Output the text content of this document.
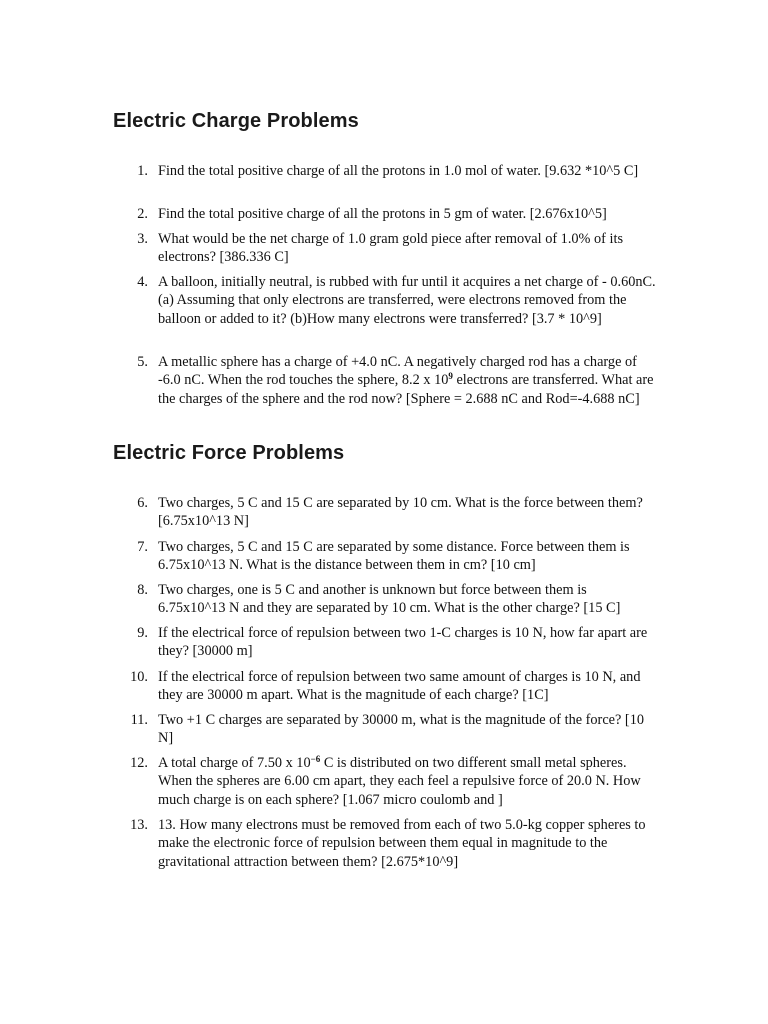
Electric Charge Problems
1. Find the total positive charge of all the protons in 1.0 mol of water. [9.632 *10^5 C]
2. Find the total positive charge of all the protons in 5 gm of water. [2.676x10^5]
3. What would be the net charge of 1.0 gram gold piece after removal of 1.0% of its electrons? [386.336 C]
4. A balloon, initially neutral, is rubbed with fur until it acquires a net charge of - 0.60nC. (a) Assuming that only electrons are transferred, were electrons removed from the balloon or added to it? (b)How many electrons were transferred? [3.7 * 10^9]
5. A metallic sphere has a charge of +4.0 nC. A negatively charged rod has a charge of -6.0 nC. When the rod touches the sphere, 8.2 x $10^9$ electrons are transferred. What are the charges of the sphere and the rod now? [Sphere = 2.688 nC and Rod=-4.688 nC]
Electric Force Problems
6. Two charges, 5 C and 15 C are separated by 10 cm. What is the force between them? [6.75x10^13 N]
7. Two charges, 5 C and 15 C are separated by some distance. Force between them is 6.75x10^13 N. What is the distance between them in cm? [10 cm]
8. Two charges, one is 5 C and another is unknown but force between them is 6.75x10^13 N and they are separated by 10 cm. What is the other charge? [15 C]
9. If the electrical force of repulsion between two 1-C charges is 10 N, how far apart are they? [30000 m]
10. If the electrical force of repulsion between two same amount of charges is 10 N, and they are 30000 m apart. What is the magnitude of each charge? [1C]
11. Two +1 C charges are separated by 30000 m, what is the magnitude of the force? [10 N]
12. A total charge of 7.50 x $10^{-6}$ C is distributed on two different small metal spheres. When the spheres are 6.00 cm apart, they each feel a repulsive force of 20.0 N. How much charge is on each sphere? [1.067 micro coulomb and ]
13. 13. How many electrons must be removed from each of two 5.0-kg copper spheres to make the electronic force of repulsion between them equal in magnitude to the gravitational attraction between them? [2.675*10^9]
